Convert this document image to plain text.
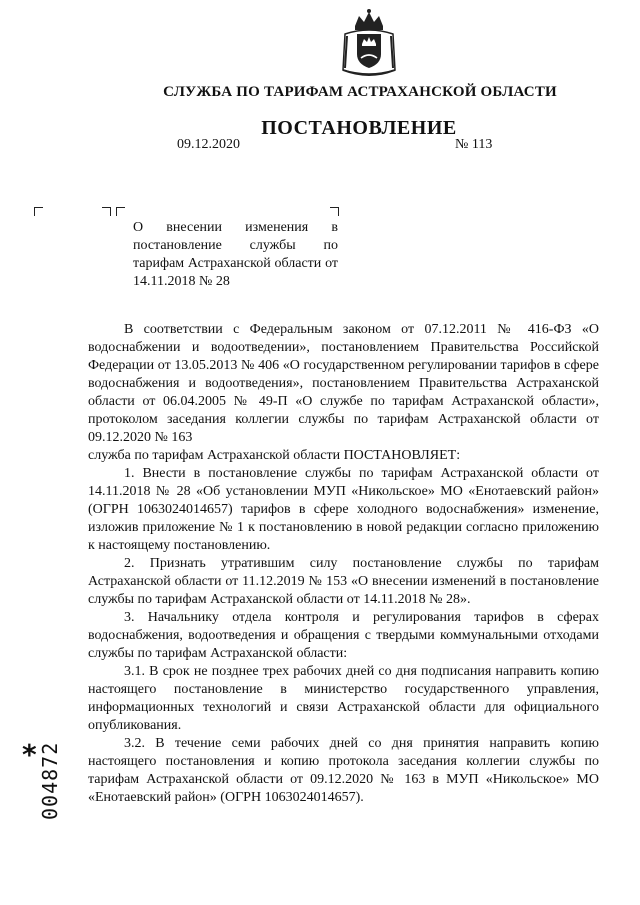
СЛУЖБА ПО ТАРИФАМ АСТРАХАНСКОЙ ОБЛАСТИ
ПОСТАНОВЛЕНИЕ
09.12.2020	№ 113
О внесении изменения в постановление службы по тарифам Астраханской области от 14.11.2018 № 28

В соответствии с Федеральным законом от 07.12.2011 № 416-ФЗ «О водоснабжении и водоотведении», постановлением Правительства Российской Федерации от 13.05.2013 № 406 «О государственном регулировании тарифов в сфере водоснабжения и водоотведения», постановлением Правительства Астраханской области от 06.04.2005 № 49-П «О службе по тарифам Астраханской области», протоколом заседания коллегии службы по тарифам Астраханской области от 09.12.2020 № 163

служба по тарифам Астраханской области ПОСТАНОВЛЯЕТ:

1. Внести в постановление службы по тарифам Астраханской области от 14.11.2018 № 28 «Об установлении МУП «Никольское» МО «Енотаевский район» (ОГРН 1063024014657) тарифов в сфере холодного водоснабжения» изменение, изложив приложение № 1 к постановлению в новой редакции согласно приложению к настоящему постановлению.

2. Признать утратившим силу постановление службы по тарифам Астраханской области от 11.12.2019 № 153 «О внесении изменений в постановление службы по тарифам Астраханской области от 14.11.2018 № 28».

3. Начальнику отдела контроля и регулирования тарифов в сферах водоснабжения, водоотведения и обращения с твердыми коммунальными отходами службы по тарифам Астраханской области:

3.1. В срок не позднее трех рабочих дней со дня подписания направить копию настоящего постановление в министерство государственного управления, информационных технологий и связи Астраханской области для официального опубликования.

3.2. В течение семи рабочих дней со дня принятия направить копию настоящего постановления и копию протокола заседания коллегии службы по тарифам Астраханской области от 09.12.2020 № 163 в МУП «Никольское» МО «Енотаевский район» (ОГРН 1063024014657).

* 004872
